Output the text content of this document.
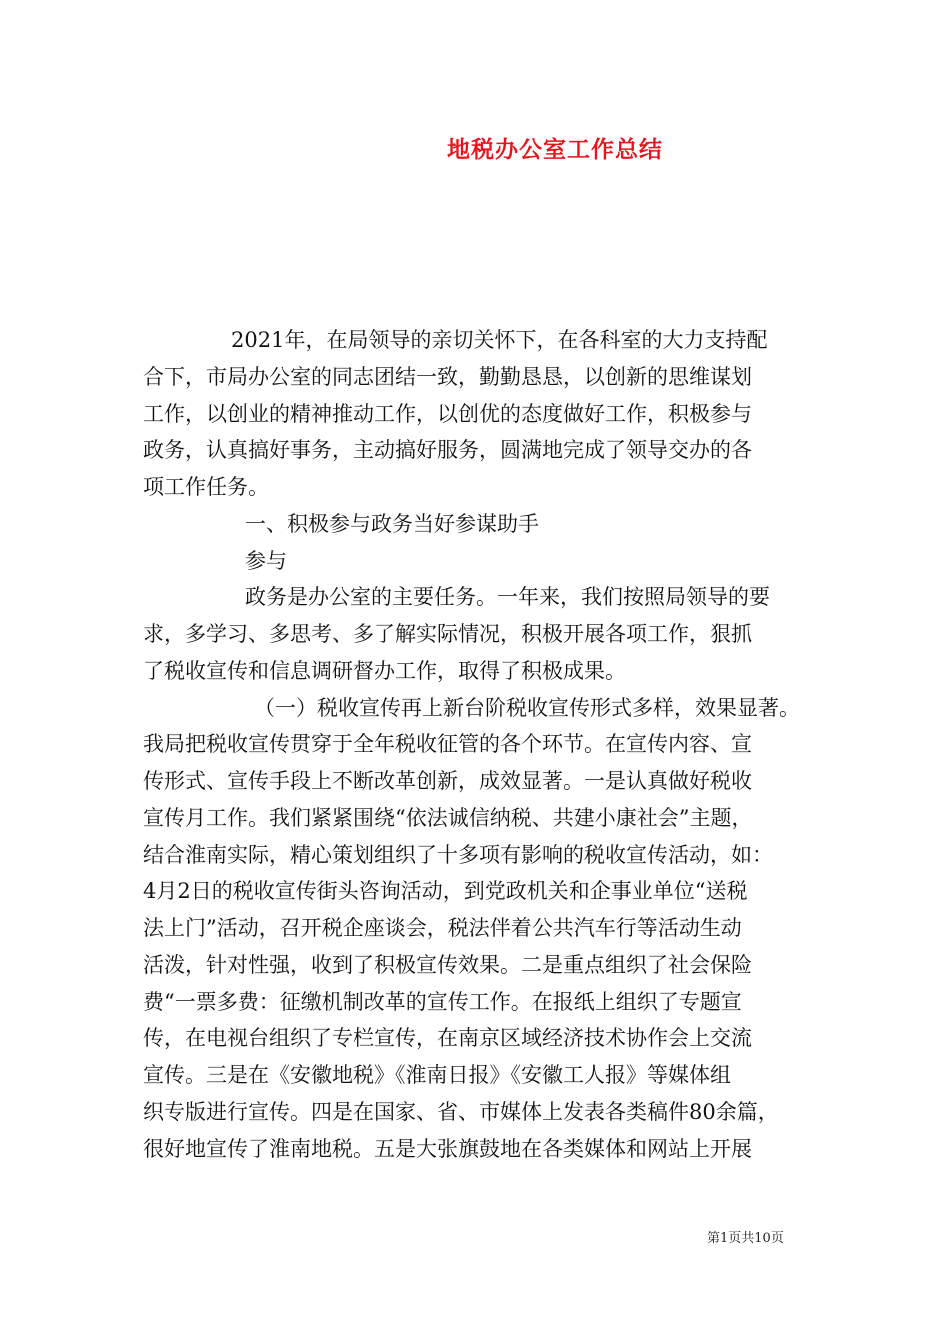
地税办公室工作总结
2021年，在局领导的亲切关怀下，在各科室的大力支持配
合下，市局办公室的同志团结一致，勤勤恳恳，以创新的思维谋划
工作，以创业的精神推动工作，以创优的态度做好工作，积极参与
政务，认真搞好事务，主动搞好服务，圆满地完成了领导交办的各
项工作任务。
一、积极参与政务当好参谋助手
参与
政务是办公室的主要任务。一年来，我们按照局领导的要
求，多学习、多思考、多了解实际情况，积极开展各项工作，狠抓
了税收宣传和信息调研督办工作，取得了积极成果。
（一）税收宣传再上新台阶税收宣传形式多样，效果显著。
我局把税收宣传贯穿于全年税收征管的各个环节。在宣传内容、宣
传形式、宣传手段上不断改革创新，成效显著。一是认真做好税收
宣传月工作。我们紧紧围绕“依法诚信纳税、共建小康社会”主题，
结合淮南实际，精心策划组织了十多项有影响的税收宣传活动，如：
4月2日的税收宣传街头咨询活动，到党政机关和企事业单位“送税
法上门”活动，召开税企座谈会，税法伴着公共汽车行等活动生动
活泼，针对性强，收到了积极宣传效果。二是重点组织了社会保险
费“一票多费：征缴机制改革的宣传工作。在报纸上组织了专题宣
传，在电视台组织了专栏宣传，在南京区域经济技术协作会上交流
宣传。三是在《安徽地税》《淮南日报》《安徽工人报》等媒体组
织专版进行宣传。四是在国家、省、市媒体上发表各类稿件80余篇，
很好地宣传了淮南地税。五是大张旗鼓地在各类媒体和网站上开展
第1页共10页
